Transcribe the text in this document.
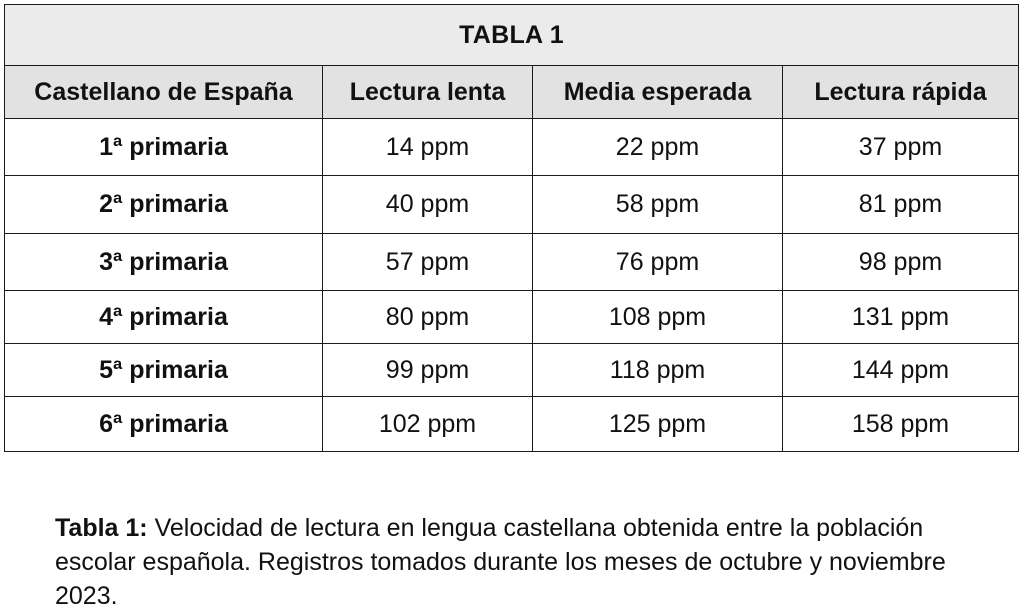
TABLA 1			
Castellano de España	Lectura lenta	Media esperada	Lectura rápida
1ª primaria	14 ppm	22 ppm	37 ppm
2ª primaria	40 ppm	58 ppm	81 ppm
3ª primaria	57 ppm	76 ppm	98 ppm
4ª primaria	80 ppm	108 ppm	131 ppm
5ª primaria	99 ppm	118 ppm	144 ppm
6ª primaria	102 ppm	125 ppm	158 ppm

Tabla 1: Velocidad de lectura en lengua castellana obtenida entre la población escolar española. Registros tomados durante los meses de octubre y noviembre 2023.
